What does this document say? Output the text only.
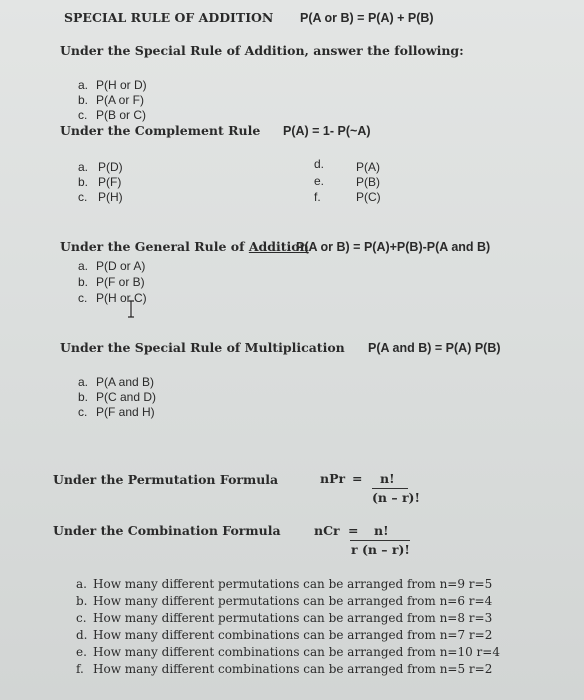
SPECIAL RULE OF ADDITION P(A or B) = P(A) + P(B)
Under the Special Rule of Addition, answer the following:
a. P(H or D)
b. P(A or F)
c. P(B or C)
Under the Complement Rule P(A) = 1- P(~A)
a. P(D)
b. P(F)
c. P(H)
d.	P(A)
e.	P(B)
f.	P(C)
Under the General Rule of Addition
P(A or B) = P(A)+P(B)-P(A and B)
a. P(D or A)
b. P(F or B)
c. P(H or C)
Under the Special Rule of Multiplication P(A and B) = P(A) P(B)
a. P(A and B)
b. P(C and D)
c. P(F and H)
Under the Permutation Formula	nPr = n!
(n – r)!
Under the Combination Formula	nCr = n!
r (n – r)!
a. How many different permutations can be arranged from n=9 r=5
b. How many different permutations can be arranged from n=6 r=4
c. How many different permutations can be arranged from n=8 r=3
d. How many different combinations can be arranged from n=7 r=2
e. How many different combinations can be arranged from n=10 r=4
f. How many different combinations can be arranged from n=5 r=2
